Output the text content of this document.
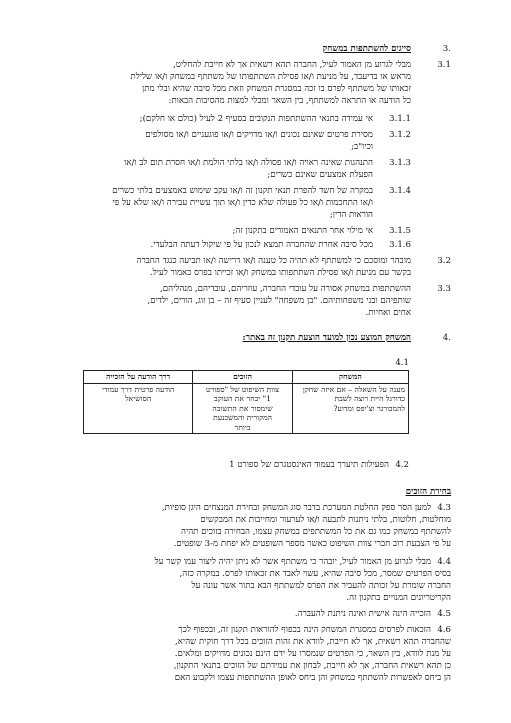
3.
סייגים להשתתפות במשחק
3.1
מבלי לגרוע מן האמור לעיל, החברה תהא רשאית אך לא חייבת להחליט,
מראש או בדיעבד, על מניעת ו/או פסילת השתתפותו של משתתף במשחק ו/או שלילת
זכאותו של משתתף לפרס בו זכה במסגרת המשחק וזאת מכל סיבה שהיא ובלי מתן
כל הודעה או התראה למשתתף, בין השאר ומבלי למצות מהסיבות הבאות:
3.1.1
אי עמידה בתנאי ההשתתפות הנקובים בסעיף 2 לעיל (כולם או חלקם);
3.1.2
מסירת פרטים שאינם נכונים ו/או מדויקים ו/או פוגעניים ו/או מסולפים
וכיו"ב;
3.1.3
התנהגות שאינה ראויה ו/או פסולה ו/או בלתי הולמת ו/או חסרת תום לב ו/או
הפעלת אמצעים שאינם כשרים;
3.1.4
במקרה של חשד להפרת תנאי תקנון זה ו/או עקב שימוש באמצעים בלתי כשרים
ו/או התחכמות ו/או כל פעולה שלא כדין ו/או תוך עשיית עבירה ו/או שלא על פי
הוראות הדין;
3.1.5
אי מילוי אחר התנאים האמורים בתקנון זה;
3.1.6
מכל סיבה אחרת שהחברה תמצא לנכון על פי שיקול דעתה הבלעדי.
3.2
מובהר ומוסכם כי למשתתף לא תהיה כל טענה ו/או דרישה ו/או תביעה כנגד החברה
בקשר עם מניעת ו/או פסילת השתתפותו במשחק ו/או זכייתו בפרס כאמור לעיל.
3.3
ההשתתפות במשחק אסורה על עובדי החברה, עוזריהם, עובדיהם, מנהליהם,
שותפיהם ובני משפחותיהם. "בן משפחה" לעניין סעיף זה – בן זוג, הורים, ילדים,
אחים ואחיות.
4.
המשחק המוצע נכון למועד הוצעת תקנון זה באתר:
4.1
המשחק	הזוכים	דרך הודעה על הזכייה

מענה על השאלה – אם איזה שחקן
כדורגל היית רוצה לשבת
להמבורגר וצ'יפס ומדוע?	צוות השיפוט של "ספורט
1" יבחר את העוקב
שימסור את התשובה
המקורית והמשכנעת
ביותר	הודעה פרטית דרך עמודי
הסושיאל
4.2
הפעילות תיערך בעמוד האינסטגרם של ספורט 1
בחירת הזוכים
4.3
למען הסר ספק החלטת המערכת בדבר סוג המשחק ובחירת המנצחים היגן סופיות,
מוחלטות, חלוטות, בלתי ניתנות לתבעה ו/או לערעור ומחייבות את המבקשים
להשתתף במשחק כמו גם את כל המשתתפים במשחק עצמו, הבחירה בזוכים תהיה
על פי הצבעת רוב חברי צוות השיפוט כאשר מספר השופטים לא יפחת מ-3 שופטים.
4.4
מבלי לגרוע מן האמור לעיל, יובהר כי משתתף אשר לא ניתן יהיה ליצור עמו קשר על
בסיס הפרטים שמסר, מכל סיבה שהיא, עשוי לאבד את זכאותו לפרס. במקרה כזה,
החברה שומרת על זכותה להעביר את הפרס למשתתף הבא בתור אשר עונה על
הקריטריונים המנויים בתקנון זה.
4.5
הזכייה הינה אישית ואינה ניתנת להעברה.
4.6
הזכאות לפרסים במסגרת המשחק הינה בכפוף להוראות תקנון זה, ובכפוף לכך
שהחברה תהא רשאית, אך לא חייבת, לוודא את זהות הזוכים בכל דרך חוקית שהיא,
על מנת לוודא, בין השאר, כי הפרטים שנמסרו על ידם הינם נכונים מדויקים ומלאים.
כן תהא רשאית החברה, אך לא חייבת, לבחון את עמידתם של הזוכים בתנאי התקנון,
הן ביחס לאפשרות להשתתף במשחק והן ביחס לאופן ההשתתפות עצמו ולקבוע האם
